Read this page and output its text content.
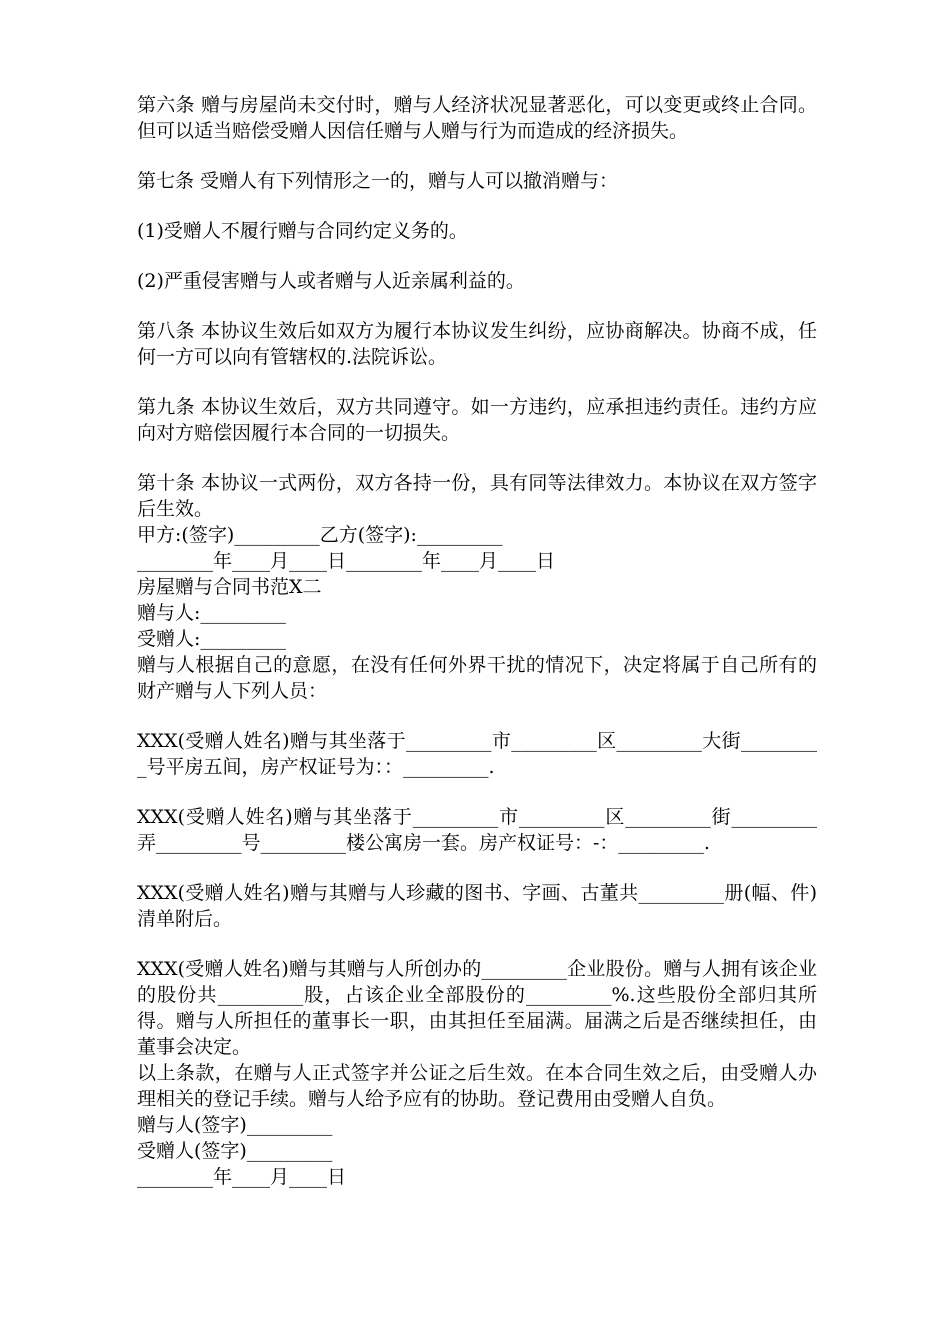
第六条 赠与房屋尚未交付时，赠与人经济状况显著恶化，可以变更或终止合同。但可以适当赔偿受赠人因信任赠与人赠与行为而造成的经济损失。

第七条 受赠人有下列情形之一的，赠与人可以撤消赠与：

(1)受赠人不履行赠与合同约定义务的。

(2)严重侵害赠与人或者赠与人近亲属利益的。

第八条 本协议生效后如双方为履行本协议发生纠纷，应协商解决。协商不成，任何一方可以向有管辖权的.法院诉讼。

第九条 本协议生效后，双方共同遵守。如一方违约，应承担违约责任。违约方应向对方赔偿因履行本合同的一切损失。

第十条 本协议一式两份，双方各持一份，具有同等法律效力。本协议在双方签字后生效。

甲方:(签字)_________乙方(签字):_________

________年____月____日________年____月____日

房屋赠与合同书范X二

赠与人:_________

受赠人:_________

赠与人根据自己的意愿，在没有任何外界干扰的情况下，决定将属于自己所有的财产赠与人下列人员：

XXX(受赠人姓名)赠与其坐落于_________市_________区_________大街_________号平房五间，房产权证号为：：_________.

XXX(受赠人姓名)赠与其坐落于_________市_________区_________街_________弄_________号_________楼公寓房一套。房产权证号：-：_________.

XXX(受赠人姓名)赠与其赠与人珍藏的图书、字画、古董共_________册(幅、件)清单附后。

XXX(受赠人姓名)赠与其赠与人所创办的_________企业股份。赠与人拥有该企业的股份共_________股，占该企业全部股份的_________%.这些股份全部归其所得。赠与人所担任的董事长一职，由其担任至届满。届满之后是否继续担任，由董事会决定。

以上条款，在赠与人正式签字并公证之后生效。在本合同生效之后，由受赠人办理相关的登记手续。赠与人给予应有的协助。登记费用由受赠人自负。

赠与人(签字)_________

受赠人(签字)_________

________年____月____日
